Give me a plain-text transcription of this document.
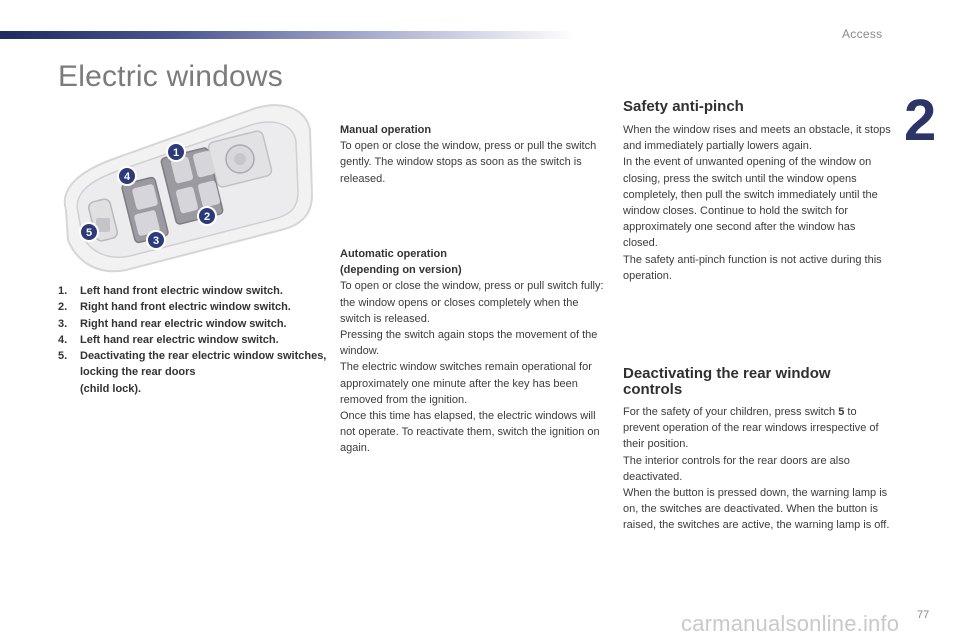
Access
2
Electric windows
1
2
3
4
5
1. Left hand front electric window switch.
2. Right hand front electric window switch.
3. Right hand rear electric window switch.
4. Left hand rear electric window switch.
5. Deactivating the rear electric window switches,
locking the rear doors
(child lock).
Manual operation

To open or close the window, press or pull the switch gently. The window stops as soon as the switch is released.

Automatic operation
(depending on version)

To open or close the window, press or pull switch fully: the window opens or closes completely when the switch is released.

Pressing the switch again stops the movement of the window.

The electric window switches remain operational for approximately one minute after the key has been removed from the ignition.

Once this time has elapsed, the electric windows will not operate. To reactivate them, switch the ignition on again.

Safety anti-pinch

When the window rises and meets an obstacle, it stops and immediately partially lowers again.

In the event of unwanted opening of the window on closing, press the switch until the window opens completely, then pull the switch immediately until the window closes. Continue to hold the switch for approximately one second after the window has closed.

The safety anti-pinch function is not active during this operation.

Deactivating the rear window controls

For the safety of your children, press switch 5 to prevent operation of the rear windows irrespective of their position.

The interior controls for the rear doors are also deactivated.

When the button is pressed down, the warning lamp is on, the switches are deactivated. When the button is raised, the switches are active, the warning lamp is off.

carmanualsonline.info 77
